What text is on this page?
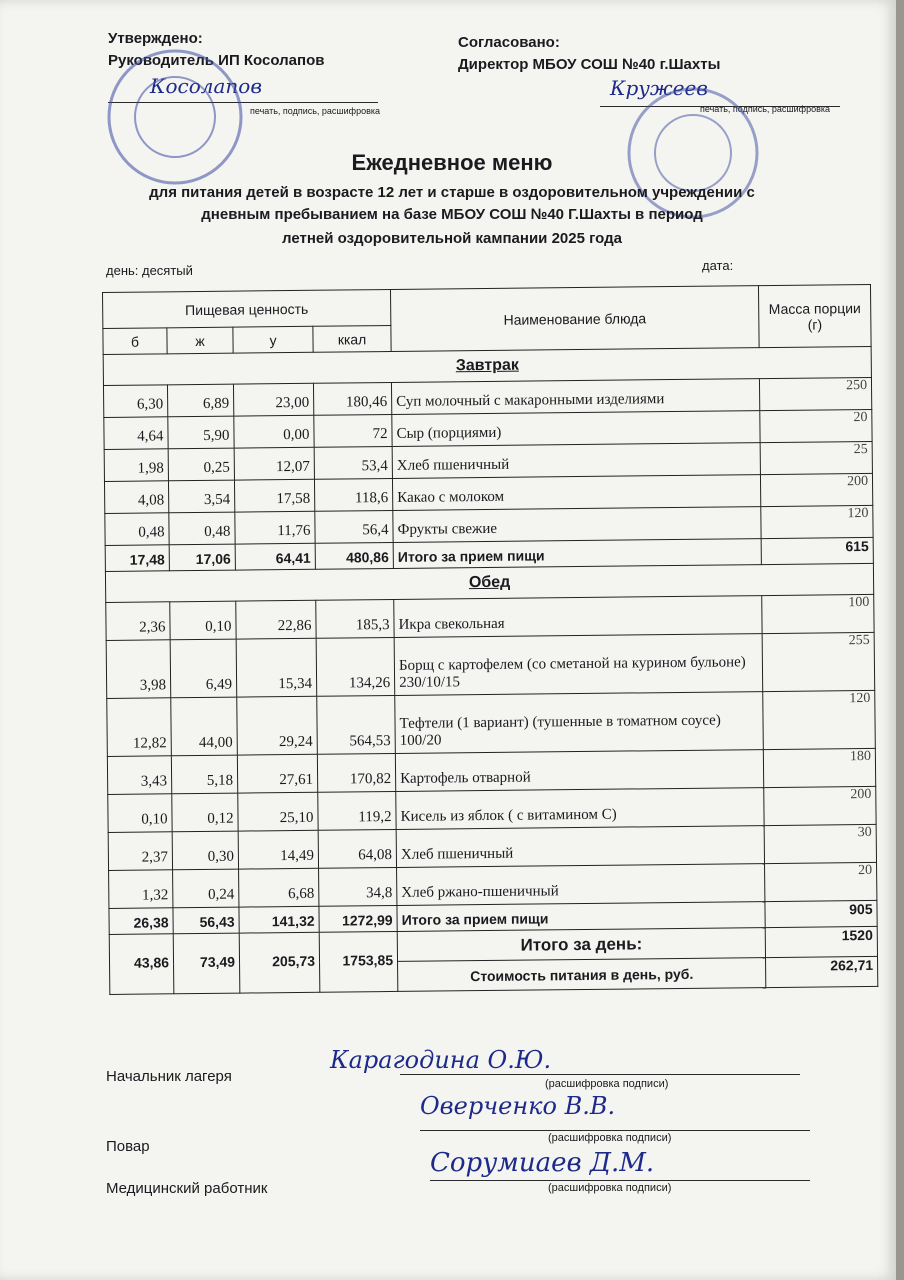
Утверждено:
Руководитель ИП Косолапов
Косолапов
печать, подпись, расшифровка
Согласовано:
Директор МБОУ СОШ №40 г.Шахты
Кружеев
печать, подпись, расшифровка
Ежедневное меню
для питания детей в возрасте 12 лет и старше в оздоровительном учреждении с
дневным пребыванием на базе МБОУ СОШ №40 Г.Шахты в период
летней оздоровительной кампании 2025 года
день: десятый	дата:
Пищевая ценность				Наименование блюда	Масса порции (г)
б	ж	у	ккал		
Завтрак					
6,30	6,89	23,00	180,46	Суп молочный с макаронными изделиями	250
4,64	5,90	0,00	72	Сыр (порциями)	20
1,98	0,25	12,07	53,4	Хлеб пшеничный	25
4,08	3,54	17,58	118,6	Какао с молоком	200
0,48	0,48	11,76	56,4	Фрукты свежие	120
17,48	17,06	64,41	480,86	Итого за прием пищи	615
Обед					
2,36	0,10	22,86	185,3	Икра свекольная	100
3,98	6,49	15,34	134,26	Борщ с картофелем (со сметаной на курином бульоне) 230/10/15	255
12,82	44,00	29,24	564,53	Тефтели (1 вариант) (тушенные в томатном соусе) 100/20	120
3,43	5,18	27,61	170,82	Картофель отварной	180
0,10	0,12	25,10	119,2	Кисель из яблок ( с витамином С)	200
2,37	0,30	14,49	64,08	Хлеб пшеничный	30
1,32	0,24	6,68	34,8	Хлеб ржано-пшеничный	20
26,38	56,43	141,32	1272,99	Итого за прием пищи	905
43,86	73,49	205,73	1753,85	Итого за день:	1520
				Стоимость питания в день, руб.	262,71
Начальник лагеря
Карагодина О.Ю.
(расшифровка подписи)
Повар
Оверченко В.В.
(расшифровка подписи)
Медицинский работник
Сорумиаев Д.М.
(расшифровка подписи)
